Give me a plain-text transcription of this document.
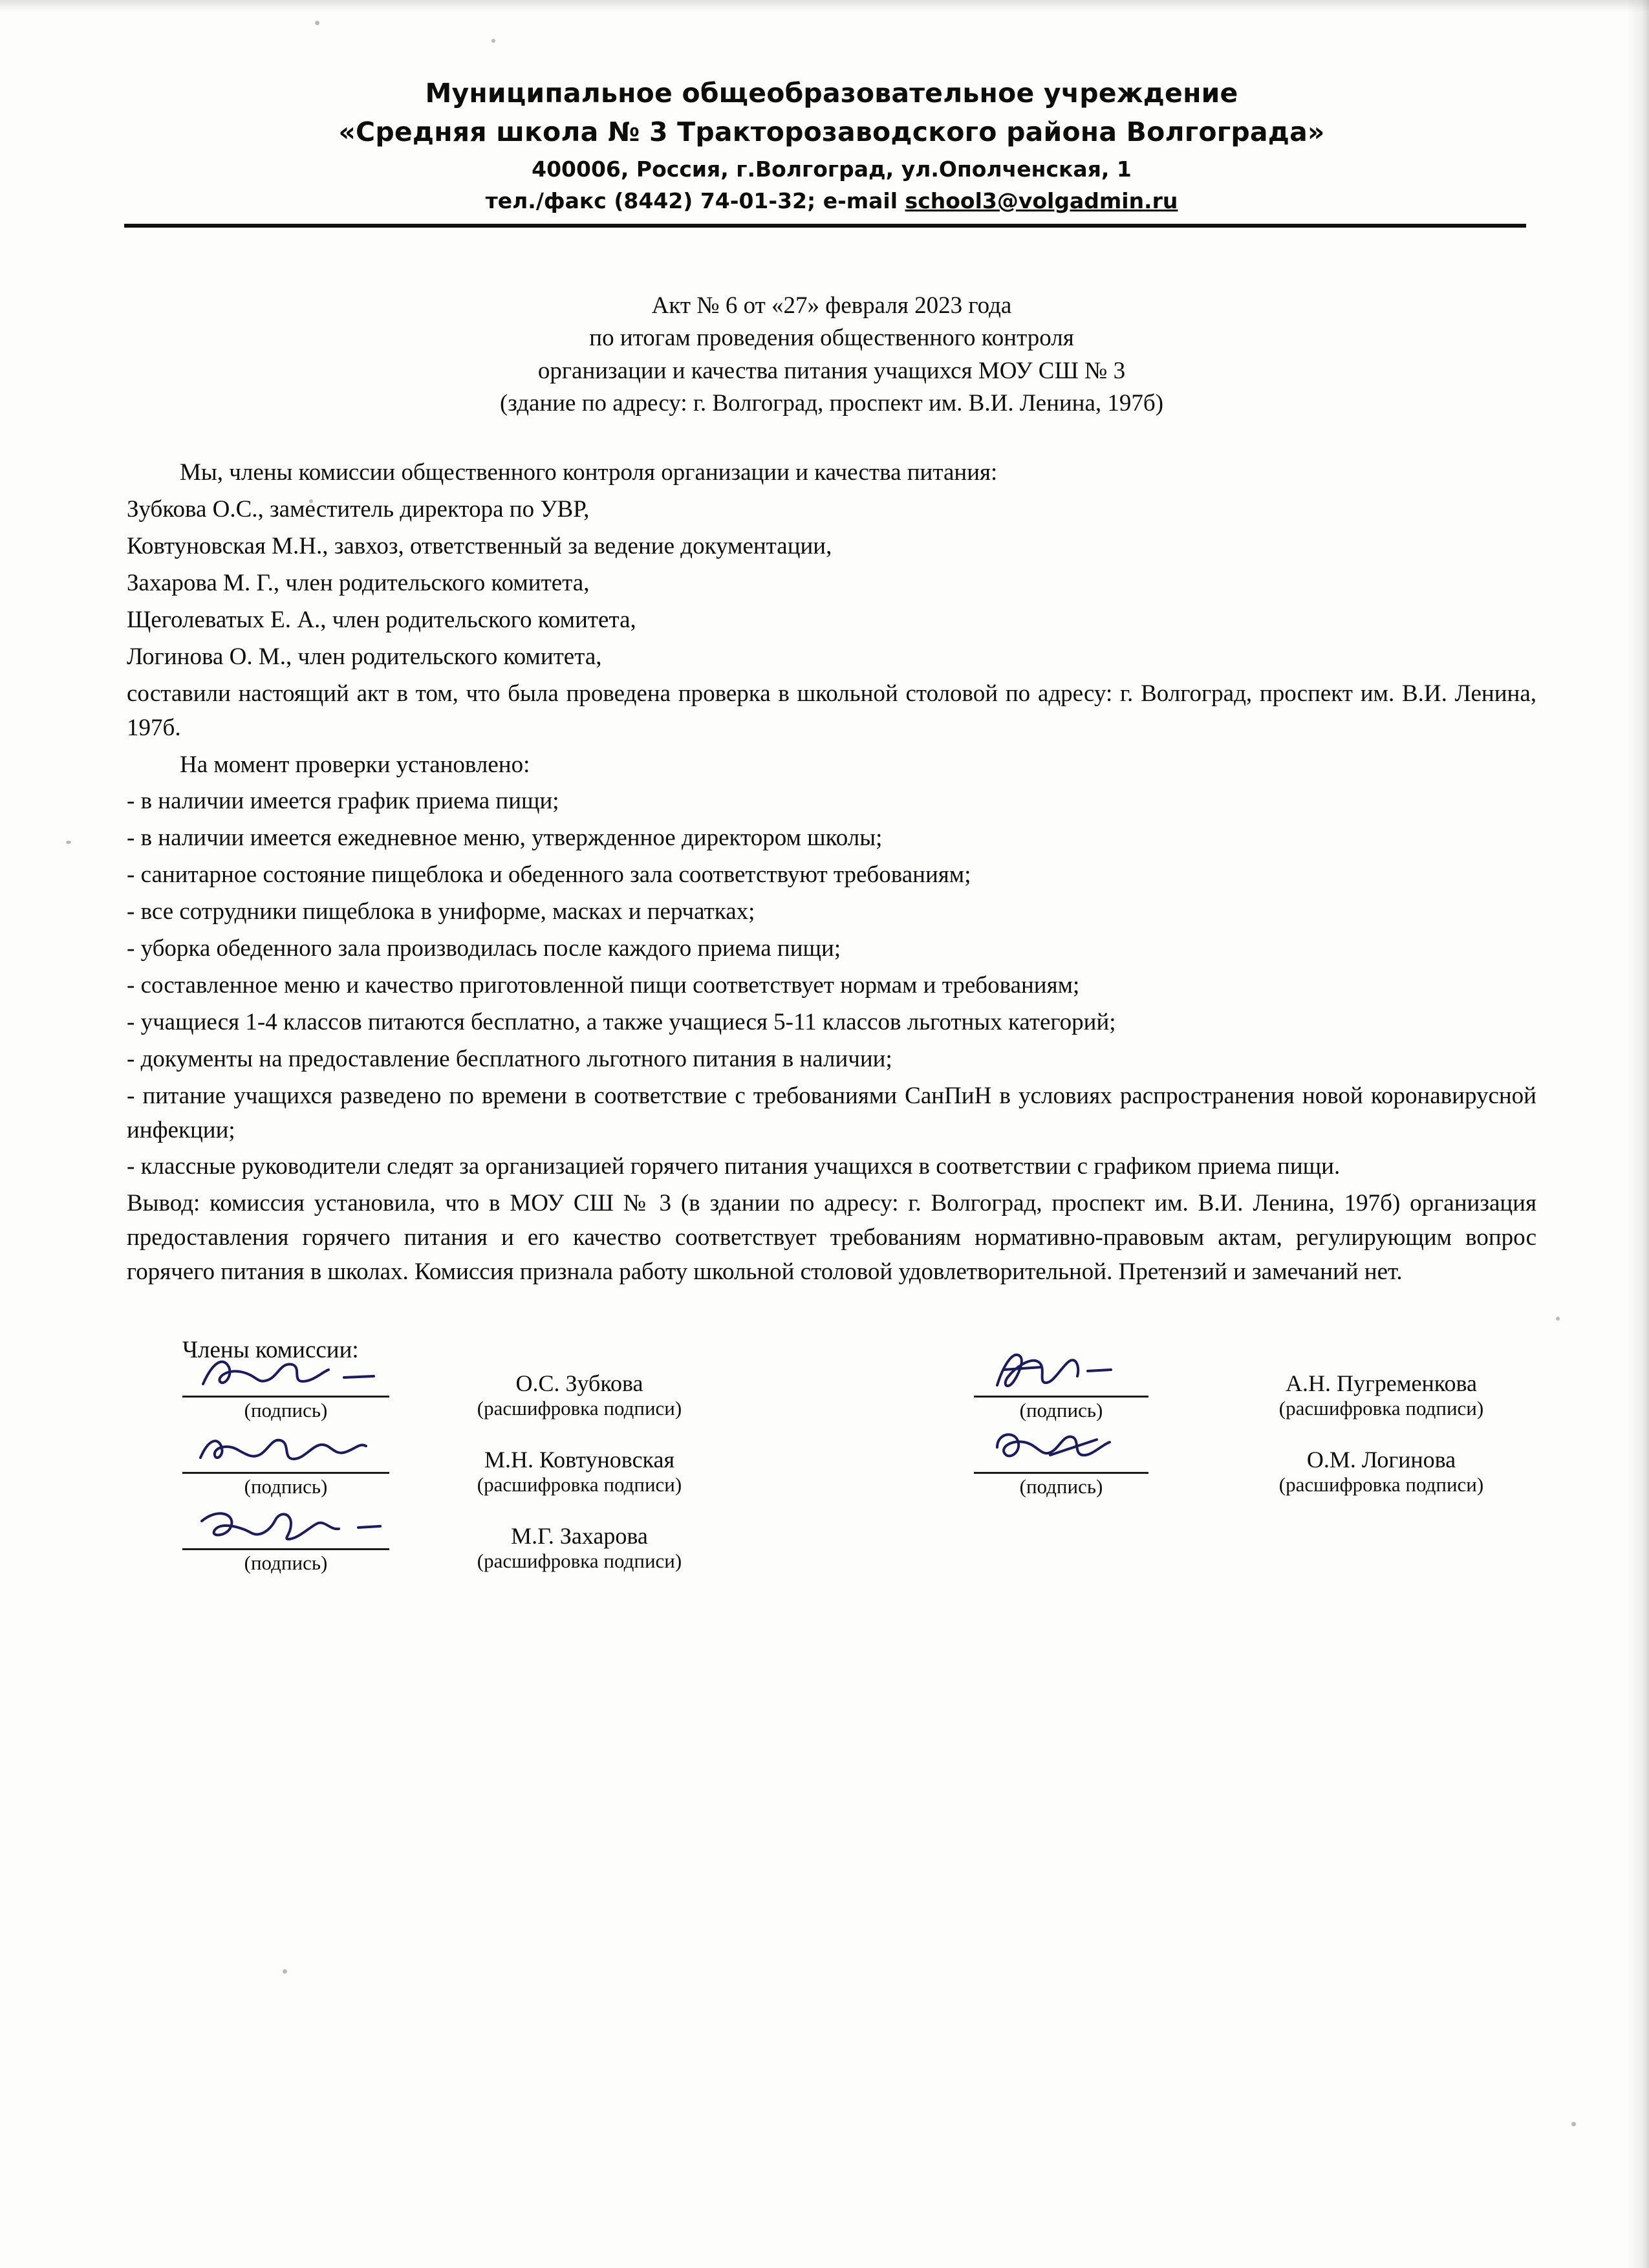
Муниципальное общеобразовательное учреждение
«Средняя школа № 3 Тракторозаводского района Волгограда»
400006, Россия, г.Волгоград, ул.Ополченская, 1
тел./факс (8442) 74-01-32; e-mail school3@volgadmin.ru
Акт № 6 от «27» февраля 2023 года
по итогам проведения общественного контроля
организации и качества питания учащихся МОУ СШ № 3
(здание по адресу: г. Волгоград, проспект им. В.И. Ленина, 197б)

Мы, члены комиссии общественного контроля организации и качества питания:

Зубкова О.С., заместитель директора по УВР,

Ковтуновская М.Н., завхоз, ответственный за ведение документации,

Захарова М. Г., член родительского комитета,

Щеголеватых Е. А., член родительского комитета,

Логинова О. М., член родительского комитета,

составили настоящий акт в том, что была проведена проверка в школьной столовой по адресу: г. Волгоград, проспект им. В.И. Ленина, 197б.

На момент проверки установлено:

- в наличии имеется график приема пищи;

- в наличии имеется ежедневное меню, утвержденное директором школы;

- санитарное состояние пищеблока и обеденного зала соответствуют требованиям;

- все сотрудники пищеблока в униформе, масках и перчатках;

- уборка обеденного зала производилась после каждого приема пищи;

- составленное меню и качество приготовленной пищи соответствует нормам и требованиям;

- учащиеся 1-4 классов питаются бесплатно, а также учащиеся 5-11 классов льготных категорий;

- документы на предоставление бесплатного льготного питания в наличии;

- питание учащихся разведено по времени в соответствие с требованиями СанПиН в условиях распространения новой коронавирусной инфекции;

- классные руководители следят за организацией горячего питания учащихся в соответствии с графиком приема пищи.

Вывод: комиссия установила, что в МОУ СШ № 3 (в здании по адресу: г. Волгоград, проспект им. В.И. Ленина, 197б) организация предоставления горячего питания и его качество соответствует требованиям нормативно-правовым актам, регулирующим вопрос горячего питания в школах. Комиссия признала работу школьной столовой удовлетворительной. Претензий и замечаний нет.

Члены комиссии:
(подпись)
(подпись)
(подпись)
О.С. Зубкова
(расшифровка подписи)
М.Н. Ковтуновская
(расшифровка подписи)
М.Г. Захарова
(расшифровка подписи)
(подпись)
(подпись)
А.Н. Пугременкова
(расшифровка подписи)
О.М. Логинова
(расшифровка подписи)
